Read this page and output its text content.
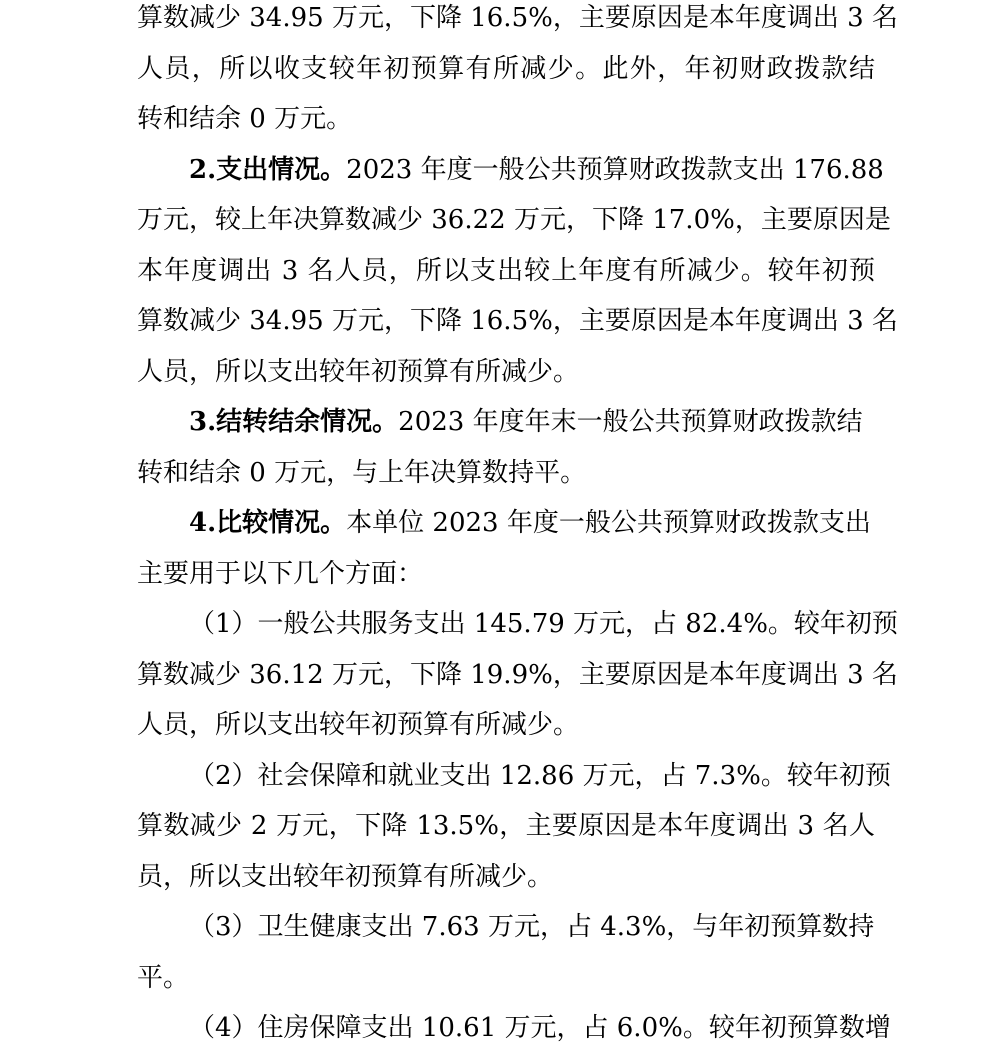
算数减少 34.95 万元，下降 16.5%，主要原因是本年度调出 3 名
人员，所以收支较年初预算有所减少。此外，年初财政拨款结
转和结余 0 万元。
2.支出情况。2023 年度一般公共预算财政拨款支出 176.88
万元，较上年决算数减少 36.22 万元，下降 17.0%，主要原因是
本年度调出 3 名人员，所以支出较上年度有所减少。较年初预
算数减少 34.95 万元，下降 16.5%，主要原因是本年度调出 3 名
人员，所以支出较年初预算有所减少。
3.结转结余情况。2023 年度年末一般公共预算财政拨款结
转和结余 0 万元，与上年决算数持平。
4.比较情况。本单位 2023 年度一般公共预算财政拨款支出
主要用于以下几个方面：
（1）一般公共服务支出 145.79 万元，占 82.4%。较年初预
算数减少 36.12 万元，下降 19.9%，主要原因是本年度调出 3 名
人员，所以支出较年初预算有所减少。
（2）社会保障和就业支出 12.86 万元，占 7.3%。较年初预
算数减少 2 万元，下降 13.5%，主要原因是本年度调出 3 名人
员，所以支出较年初预算有所减少。
（3）卫生健康支出 7.63 万元，占 4.3%，与年初预算数持
平。
（4）住房保障支出 10.61 万元，占 6.0%。较年初预算数增
